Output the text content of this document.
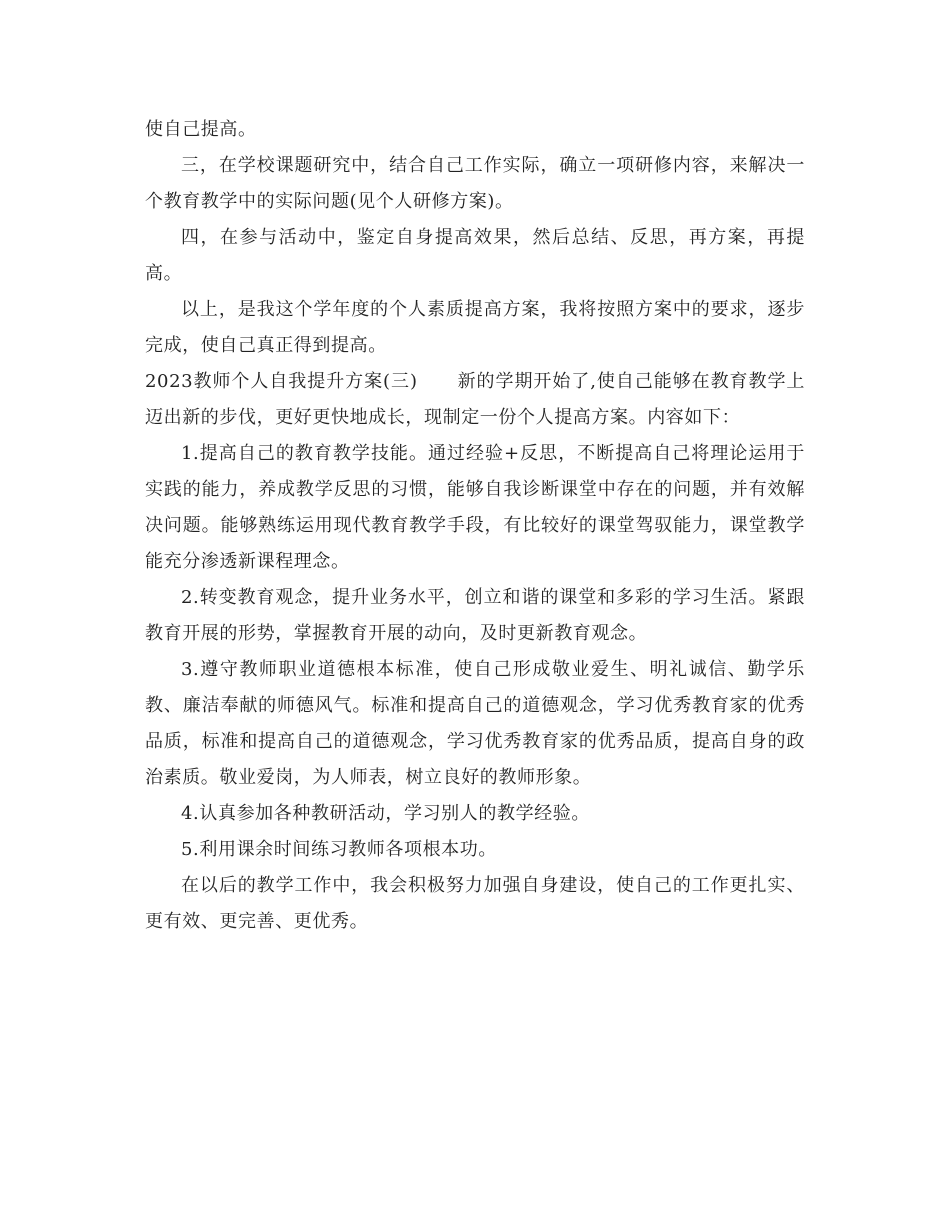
使自己提高。

三，在学校课题研究中，结合自己工作实际，确立一项研修内容，来解决一个教育教学中的实际问题(见个人研修方案)。

四，在参与活动中，鉴定自身提高效果，然后总结、反思，再方案，再提高。

以上，是我这个学年度的个人素质提高方案，我将按照方案中的要求，逐步完成，使自己真正得到提高。

2023教师个人自我提升方案(三)      新的学期开始了,使自己能够在教育教学上迈出新的步伐，更好更快地成长，现制定一份个人提高方案。内容如下：

1.提高自己的教育教学技能。通过经验+反思，不断提高自己将理论运用于实践的能力，养成教学反思的习惯，能够自我诊断课堂中存在的问题，并有效解决问题。能够熟练运用现代教育教学手段，有比较好的课堂驾驭能力，课堂教学能充分渗透新课程理念。

2.转变教育观念，提升业务水平，创立和谐的课堂和多彩的学习生活。紧跟教育开展的形势，掌握教育开展的动向，及时更新教育观念。

3.遵守教师职业道德根本标准，使自己形成敬业爱生、明礼诚信、勤学乐教、廉洁奉献的师德风气。标准和提高自己的道德观念，学习优秀教育家的优秀品质，标准和提高自己的道德观念，学习优秀教育家的优秀品质，提高自身的政治素质。敬业爱岗，为人师表，树立良好的教师形象。

4.认真参加各种教研活动，学习别人的教学经验。

5.利用课余时间练习教师各项根本功。

在以后的教学工作中，我会积极努力加强自身建设，使自己的工作更扎实、更有效、更完善、更优秀。
